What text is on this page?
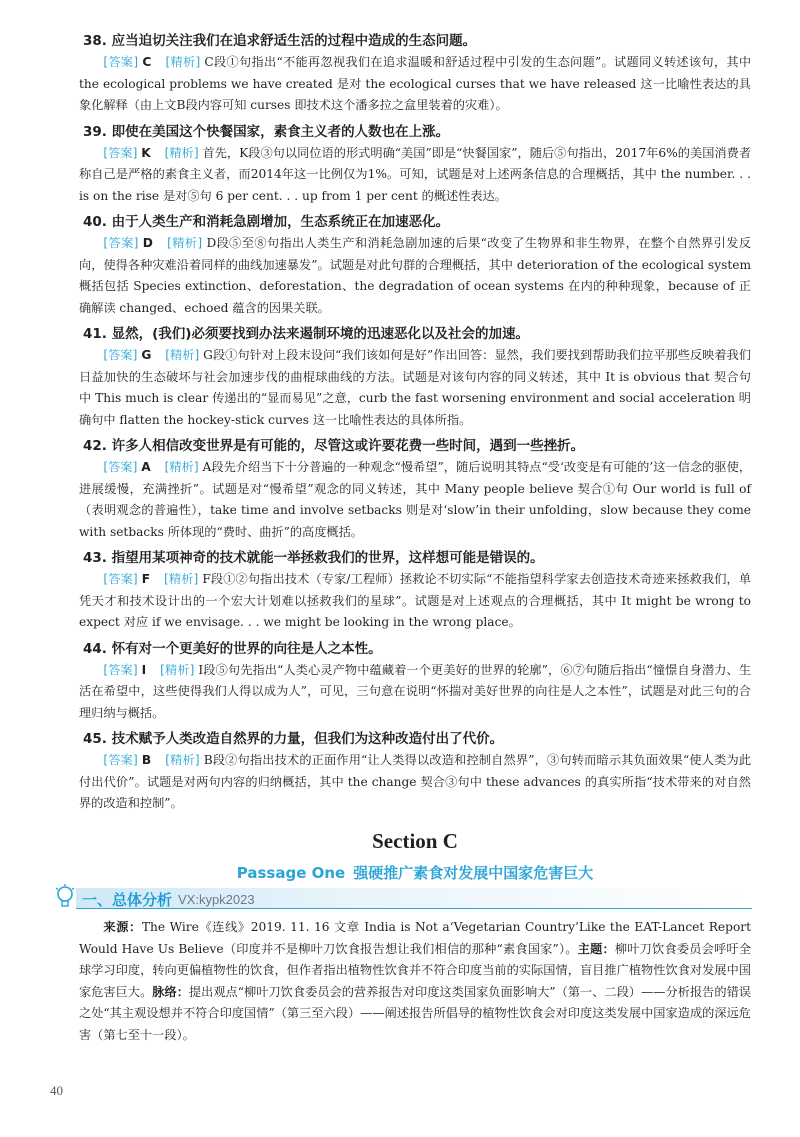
38. 应当迫切关注我们在追求舒适生活的过程中造成的生态问题。

[答案] C [精析] C段①句指出“不能再忽视我们在追求温暖和舒适过程中引发的生态问题”。试题同义转述该句，其中 the ecological problems we have created 是对 the ecological curses that we have released 这一比喻性表达的具象化解释（由上文B段内容可知 curses 即技术这个潘多拉之盒里装着的灾难）。

39. 即使在美国这个快餐国家，素食主义者的人数也在上涨。

[答案] K [精析] 首先，K段③句以同位语的形式明确“美国”即是“快餐国家”，随后⑤句指出，2017年6%的美国消费者称自己是严格的素食主义者，而2014年这一比例仅为1%。可知，试题是对上述两条信息的合理概括，其中 the number. . . is on the rise 是对⑤句 6 per cent. . . up from 1 per cent 的概述性表达。

40. 由于人类生产和消耗急剧增加，生态系统正在加速恶化。

[答案] D [精析] D段⑤至⑧句指出人类生产和消耗急剧加速的后果“改变了生物界和非生物界，在整个自然界引发反向，使得各种灾难沿着同样的曲线加速暴发”。试题是对此句群的合理概括，其中 deterioration of the ecological system 概括包括 Species extinction、deforestation、the degradation of ocean systems 在内的种种现象，because of 正确解读 changed、echoed 蕴含的因果关联。

41. 显然，(我们)必须要找到办法来遏制环境的迅速恶化以及社会的加速。

[答案] G [精析] G段①句针对上段末设问“我们该如何是好”作出回答：显然，我们要找到帮助我们拉平那些反映着我们日益加快的生态破坏与社会加速步伐的曲棍球曲线的方法。试题是对该句内容的同义转述，其中 It is obvious that 契合句中 This much is clear 传递出的“显而易见”之意，curb the fast worsening environment and social acceleration 明确句中 flatten the hockey-stick curves 这一比喻性表达的具体所指。

42. 许多人相信改变世界是有可能的，尽管这或许要花费一些时间，遇到一些挫折。

[答案] A [精析] A段先介绍当下十分普遍的一种观念“慢希望”，随后说明其特点“受‘改变是有可能的’这一信念的驱使，进展缓慢，充满挫折”。试题是对“慢希望”观念的同义转述，其中 Many people believe 契合①句 Our world is full of（表明观念的普遍性），take time and involve setbacks 则是对‘slow’in their unfolding，slow because they come with setbacks 所体现的“费时、曲折”的高度概括。

43. 指望用某项神奇的技术就能一举拯救我们的世界，这样想可能是错误的。

[答案] F [精析] F段①②句指出技术（专家/工程师）拯救论不切实际“不能指望科学家去创造技术奇迹来拯救我们，单凭天才和技术设计出的一个宏大计划难以拯救我们的星球”。试题是对上述观点的合理概括，其中 It might be wrong to expect 对应 if we envisage. . . we might be looking in the wrong place。

44. 怀有对一个更美好的世界的向往是人之本性。

[答案] I [精析] I段⑤句先指出“人类心灵产物中蕴藏着一个更美好的世界的轮廓”，⑥⑦句随后指出“憧憬自身潜力、生活在希望中，这些使得我们人得以成为人”，可见，三句意在说明“怀揣对美好世界的向往是人之本性”，试题是对此三句的合理归纳与概括。

45. 技术赋予人类改造自然界的力量，但我们为这种改造付出了代价。

[答案] B [精析] B段②句指出技术的正面作用“让人类得以改造和控制自然界”，③句转而暗示其负面效果“使人类为此付出代价”。试题是对两句内容的归纳概括，其中 the change 契合③句中 these advances 的真实所指“技术带来的对自然界的改造和控制”。

Section C
Passage One 强硬推广素食对发展中国家危害巨大
一、总体分析 VX:kypk2023

来源：The Wire《连线》2019. 11. 16 文章 India is Not a‘Vegetarian Country’Like the EAT-Lancet Report Would Have Us Believe（印度并不是柳叶刀饮食报告想让我们相信的那种“素食国家”）。主题：柳叶刀饮食委员会呼吁全球学习印度，转向更偏植物性的饮食，但作者指出植物性饮食并不符合印度当前的实际国情，盲目推广植物性饮食对发展中国家危害巨大。脉络：提出观点“柳叶刀饮食委员会的营养报告对印度这类国家负面影响大”（第一、二段）——分析报告的错误之处“其主观设想并不符合印度国情”（第三至六段）——阐述报告所倡导的植物性饮食会对印度这类发展中国家造成的深远危害（第七至十一段）。

40
